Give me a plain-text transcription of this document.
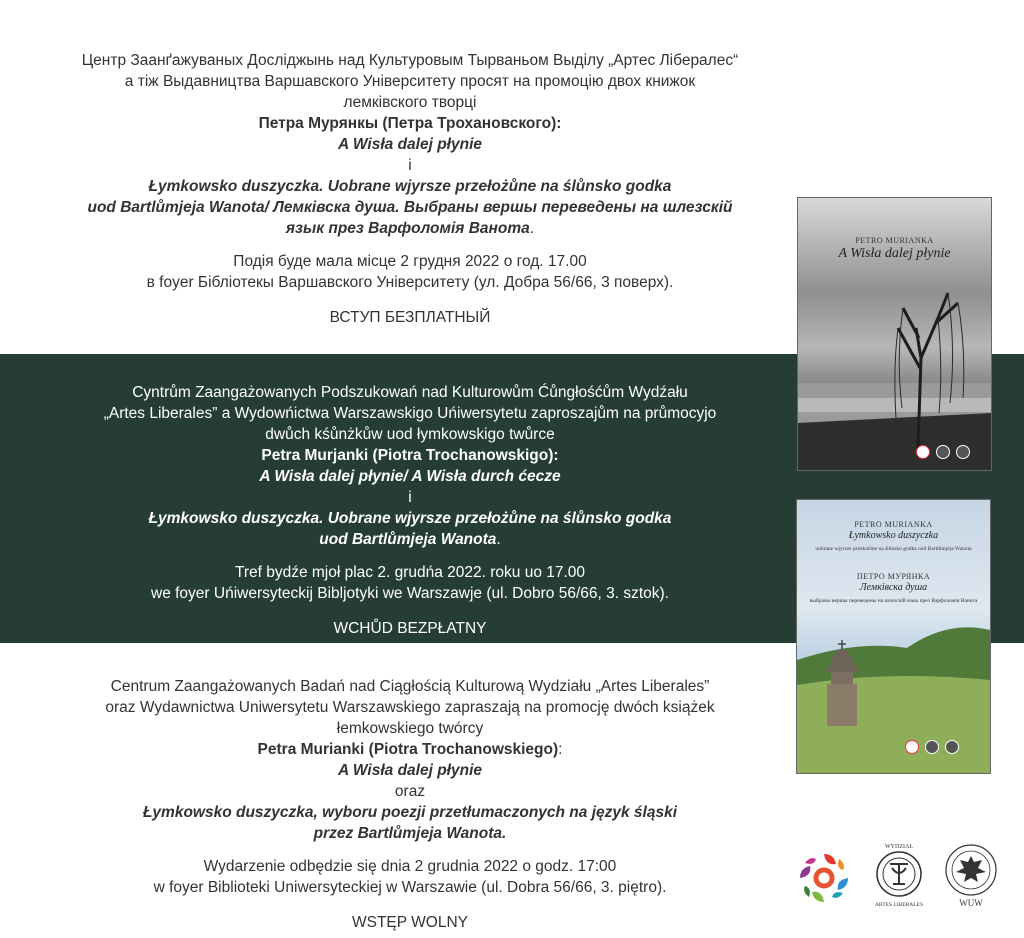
Центр Заанґажуваных Досліджынь над Культуровым Тырваньом Выділу „Артес Лібералес“

а тіж Выдавництва Варшавского Універcитету просят на промоцію двох книжок

лемківского творці

Петра Мурянкы (Петра Трохановского):

A Wisła dalej płynie

і

Łymkowsko duszyczka. Uobrane wjyrsze przełożůne na ślůnsko godka

uod Bartlůmjeja Wanota/ Лемківска душа. Выбраны вершы переведены на шлезскій

язык през Варфоломія Ванота.

Подія буде мала місце 2 грудня 2022 о год. 17.00

в foyer Бібліотекы Варшавского Універcитету (ул. Добра 56/66, 3 поверх).

ВСТУП БЕЗПЛАТНЫЙ

Cyntrům Zaangażowanych Podszukowań nad Kulturowům Ćůngłośćům Wydźału

„Artes Liberales” a Wydowńictwa Warszawskigo Uńiwersytetu zaproszajům na průmocyjo

dwůch kśůnżkůw uod łymkowskigo twůrce

Petra Murjanki (Piotra Trochanowskigo):

A Wisła dalej płynie/ A Wisła durch ćecze

i

Łymkowsko duszyczka. Uobrane wjyrsze przełożůne na ślůnsko godka

uod Bartlůmjeja Wanota.

Tref bydźe mjoł plac 2. grudńa 2022. roku uo 17.00

we foyer Uńiwersyteckij Bibljotyki we Warszawje (ul. Dobro 56/66, 3. sztok).

WCHŮD BEZPŁATNY

Centrum Zaangażowanych Badań nad Ciągłością Kulturową Wydziału „Artes Liberales”

oraz Wydawnictwa Uniwersytetu Warszawskiego zapraszają na promocję dwóch książek

łemkowskiego twórcy

Petra Murianki (Piotra Trochanowskiego):

A Wisła dalej płynie

oraz

Łymkowsko duszyczka, wyboru poezji przetłumaczonych na język śląski

przez Bartlůmjeja Wanota.

Wydarzenie odbędzie się dnia 2 grudnia 2022 o godz. 17:00

w foyer Biblioteki Uniwersyteckiej w Warszawie (ul. Dobra 56/66, 3. piętro).

WSTĘP WOLNY

PETRO MURIANKA
A Wisła dalej płynie
PETRO MURIANKA
Łymkowsko duszyczka
uobrane wjyrsze przełożůne na ślůnsko godka uod Bartlůmjeja Wanota
ПЕТРО МУРЯНКА
Лемківска душа
выбраны вершы переведены на шлезскій язык през Варфоломія Ванота
WYDZIAŁ
ARTES LIBERALES	WUW
